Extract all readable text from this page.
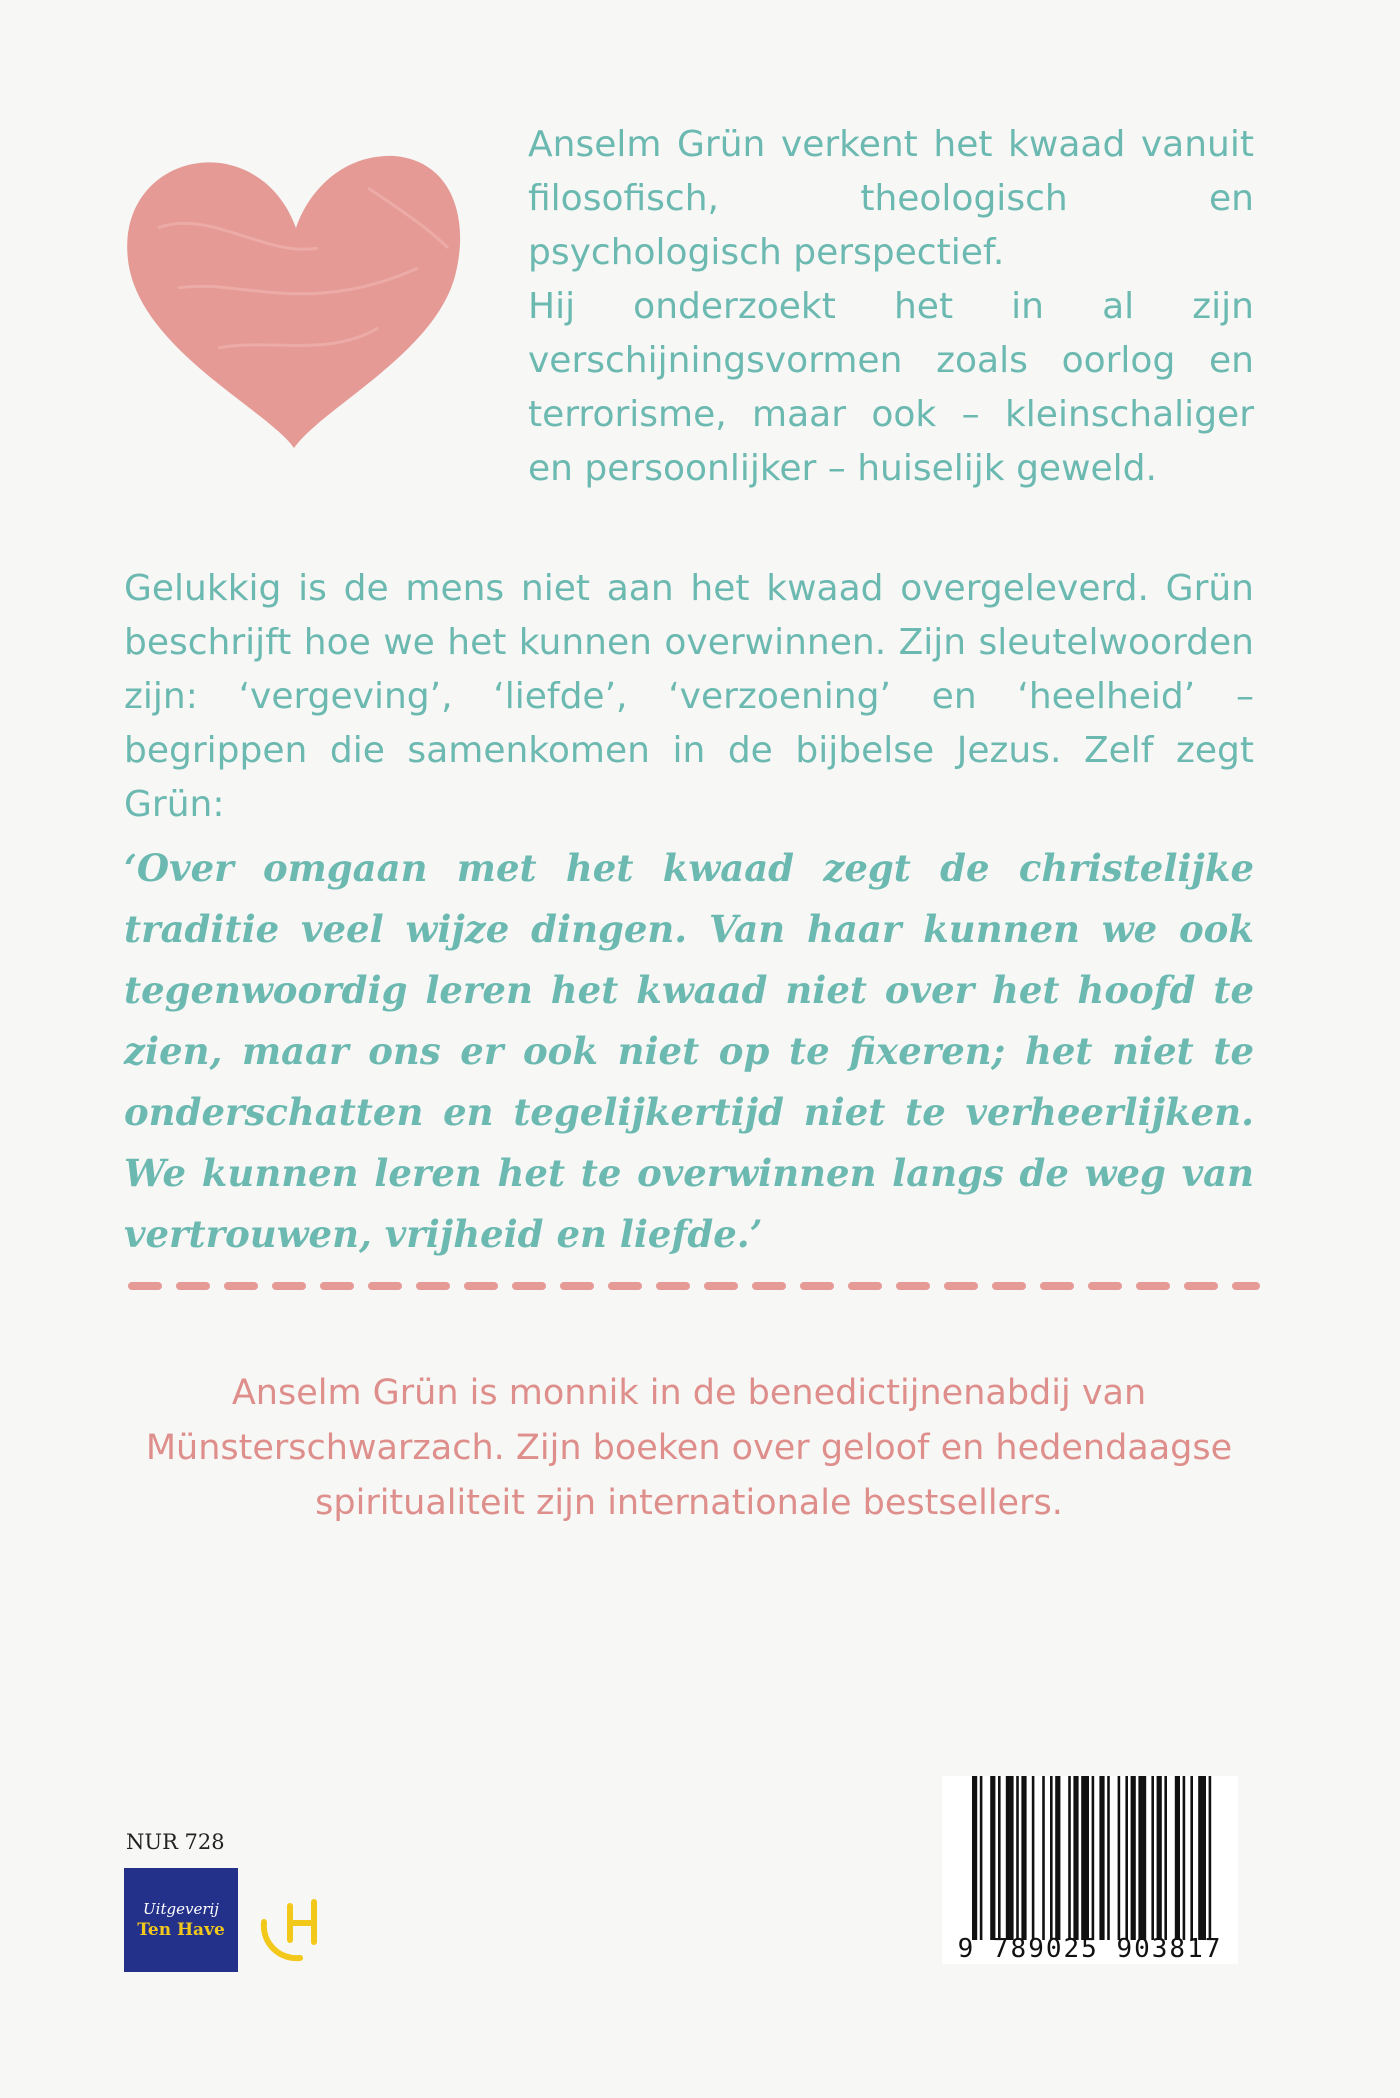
Anselm Grün verkent het kwaad vanuit filosofisch, theologisch en psychologisch perspectief.
Hij onderzoekt het in al zijn verschijningsvormen zoals oorlog en terrorisme, maar ook – kleinschaliger en persoonlijker – huiselijk geweld.

Gelukkig is de mens niet aan het kwaad overgeleverd. Grün beschrijft hoe we het kunnen overwinnen. Zijn sleutelwoorden zijn: ‘vergeving’, ‘liefde’, ‘verzoening’ en ‘heelheid’ – begrippen die samenkomen in de bijbelse Jezus. Zelf zegt Grün:

‘Over omgaan met het kwaad zegt de christelijke traditie veel wijze dingen. Van haar kunnen we ook tegenwoordig leren het kwaad niet over het hoofd te zien, maar ons er ook niet op te fixeren; het niet te onderschatten en tegelijkertijd niet te verheerlijken. We kunnen leren het te overwinnen langs de weg van vertrouwen, vrijheid en liefde.’

Anselm Grün is monnik in de benedictijnenabdij van Münsterschwarzach. Zijn boeken over geloof en hedendaagse spiritualiteit zijn internationale bestsellers.

NUR 728
Uitgeverij
Ten Have
9 789025 903817
